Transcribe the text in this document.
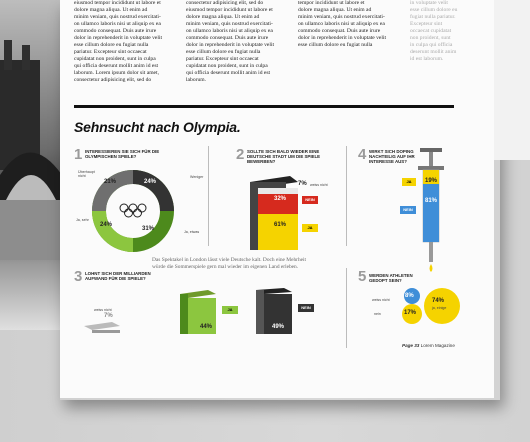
eiusmod tempor incididunt ut labore et

dolore magna aliqua. Ut enim ad

minim veniam, quis nostrud exercitati-

on ullamco laboris nisi ut aliquip ex ea

commodo consequat. Duis aute irure

dolor in reprehenderit in voluptate velit

esse cillum dolore eu fugiat nulla

pariatur. Excepteur sint occaecat

cupidatat non proident, sunt in culpa

qui officia deserunt mollit anim id est

laborum. Lorem ipsum dolor sit amet,

consectetur adipisicing elit, sed do

consectetur adipisicing elit, sed do

eiusmod tempor incididunt ut labore et

dolore magna aliqua. Ut enim ad

minim veniam, quis nostrud exercitati-

on ullamco laboris nisi ut aliquip ex ea

commodo consequat. Duis aute irure

dolor in reprehenderit in voluptate velit

esse cillum dolore eu fugiat nulla

pariatur. Excepteur sint occaecat

cupidatat non proident, sunt in culpa

qui officia deserunt mollit anim id est

laborum.

tempor incididunt ut labore et

dolore magna aliqua. Ut enim ad

minim veniam, quis nostrud exercitati-

on ullamco laboris nisi ut aliquip ex ea

commodo consequat. Duis aute irure

dolor in reprehenderit in voluptate velit

esse cillum dolore eu fugiat nulla

in voluptate velit

esse cillum dolore eu

fugiat nulla pariatur.

Excepteur sint

occaecat cupidatat

non proident, sunt

in culpa qui officia

deserunt mollit anim

id est laborum.

Sehnsucht nach Olympia.
1 INTERESSIEREN SIE SICH FÜR DIE OLYMPISCHEN SPIELE?
Überhaupt nicht	Weniger
Ja, sehr
Ja, etwas
21%	24%
24%
31%
2 SOLLTE SICH BALD WIEDER EINE DEUTSCHE STADT UM DIE SPIELE BEWERBEN?
7% weiss nicht
32%
61%
NEIN
JA
3 LOHNT SICH DER MILLIARDEN AUFWAND FÜR DIE SPIELE?
weiss nicht
7%
44%	49%
JA	NEIN
4 WIRKT SICH DOPING NACHTEILIG AUF IHR INTERESSE AUS?
JA
NEIN
19%
81%
5 WERDEN ATHLETEN GEDOPT SEIN?
weiss nicht
nein
8%
17%
74%
ja, einige
Das Spektakel in London lässt viele Deutsche kalt. Doch eine Mehrheit
würde die Sommerspiele gern mal wieder im eigenen Land erleben.
Page 33 Lorem Magazine
